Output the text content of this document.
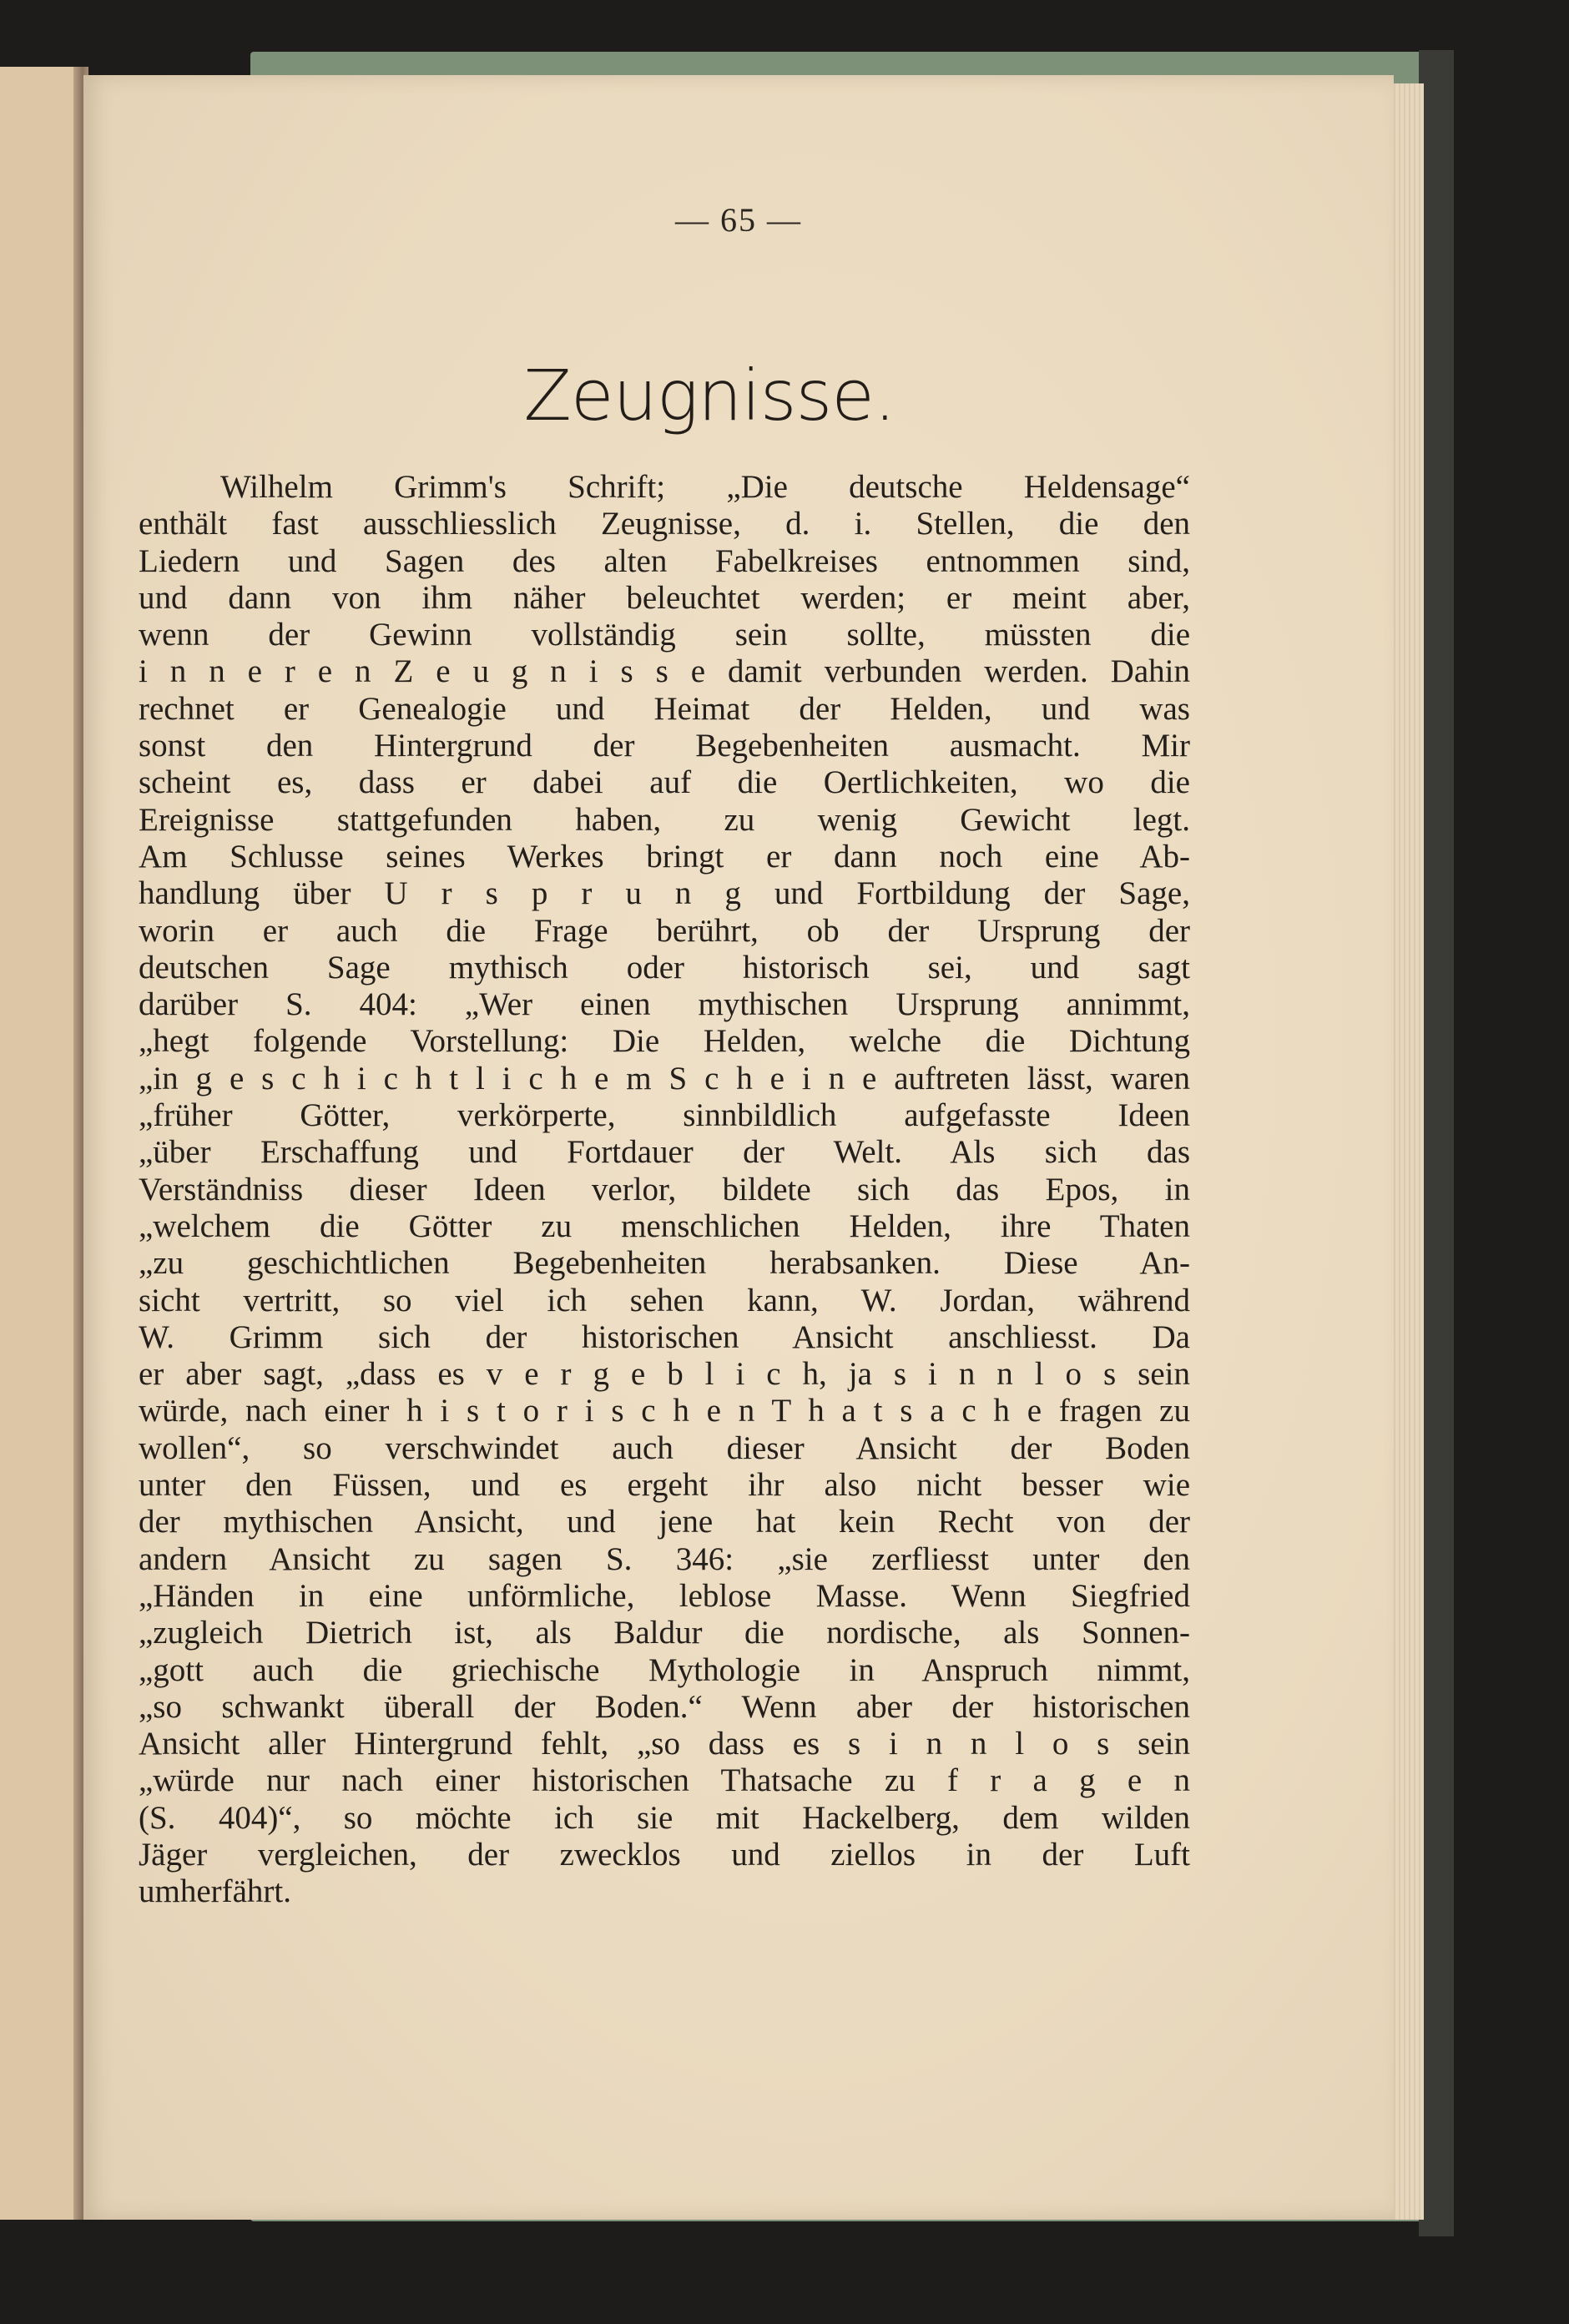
— 65 —
Zeugnisse.
Wilhelm Grimm's Schrift; „Die deutsche Heldensage“
enthält fast ausschliesslich Zeugnisse, d. i. Stellen, die den
Liedern und Sagen des alten Fabelkreises entnommen sind,
und dann von ihm näher beleuchtet werden; er meint aber,
wenn der Gewinn vollständig sein sollte, müssten die
i n n e r e n Z e u g n i s s e damit verbunden werden. Dahin
rechnet er Genealogie und Heimat der Helden, und was
sonst den Hintergrund der Begebenheiten ausmacht. Mir
scheint es, dass er dabei auf die Oertlichkeiten, wo die
Ereignisse stattgefunden haben, zu wenig Gewicht legt.
Am Schlusse seines Werkes bringt er dann noch eine Ab-
handlung über U r s p r u n g und Fortbildung der Sage,
worin er auch die Frage berührt, ob der Ursprung der
deutschen Sage mythisch oder historisch sei, und sagt
darüber S. 404: „Wer einen mythischen Ursprung annimmt,
„hegt folgende Vorstellung: Die Helden, welche die Dichtung
„in g e s c h i c h t l i c h e m S c h e i n e auftreten lässt, waren
„früher Götter, verkörperte, sinnbildlich aufgefasste Ideen
„über Erschaffung und Fortdauer der Welt. Als sich das
Verständniss dieser Ideen verlor, bildete sich das Epos, in
„welchem die Götter zu menschlichen Helden, ihre Thaten
„zu geschichtlichen Begebenheiten herabsanken. Diese An-
sicht vertritt, so viel ich sehen kann, W. Jordan, während
W. Grimm sich der historischen Ansicht anschliesst. Da
er aber sagt, „dass es v e r g e b l i c h, ja s i n n l o s sein
würde, nach einer h i s t o r i s c h e n T h a t s a c h e fragen zu
wollen“, so verschwindet auch dieser Ansicht der Boden
unter den Füssen, und es ergeht ihr also nicht besser wie
der mythischen Ansicht, und jene hat kein Recht von der
andern Ansicht zu sagen S. 346: „sie zerfliesst unter den
„Händen in eine unförmliche, leblose Masse. Wenn Siegfried
„zugleich Dietrich ist, als Baldur die nordische, als Sonnen-
„gott auch die griechische Mythologie in Anspruch nimmt,
„so schwankt überall der Boden.“ Wenn aber der historischen
Ansicht aller Hintergrund fehlt, „so dass es s i n n l o s sein
„würde nur nach einer historischen Thatsache zu f r a g e n
(S. 404)“, so möchte ich sie mit Hackelberg, dem wilden
Jäger vergleichen, der zwecklos und ziellos in der Luft
umherfährt.
